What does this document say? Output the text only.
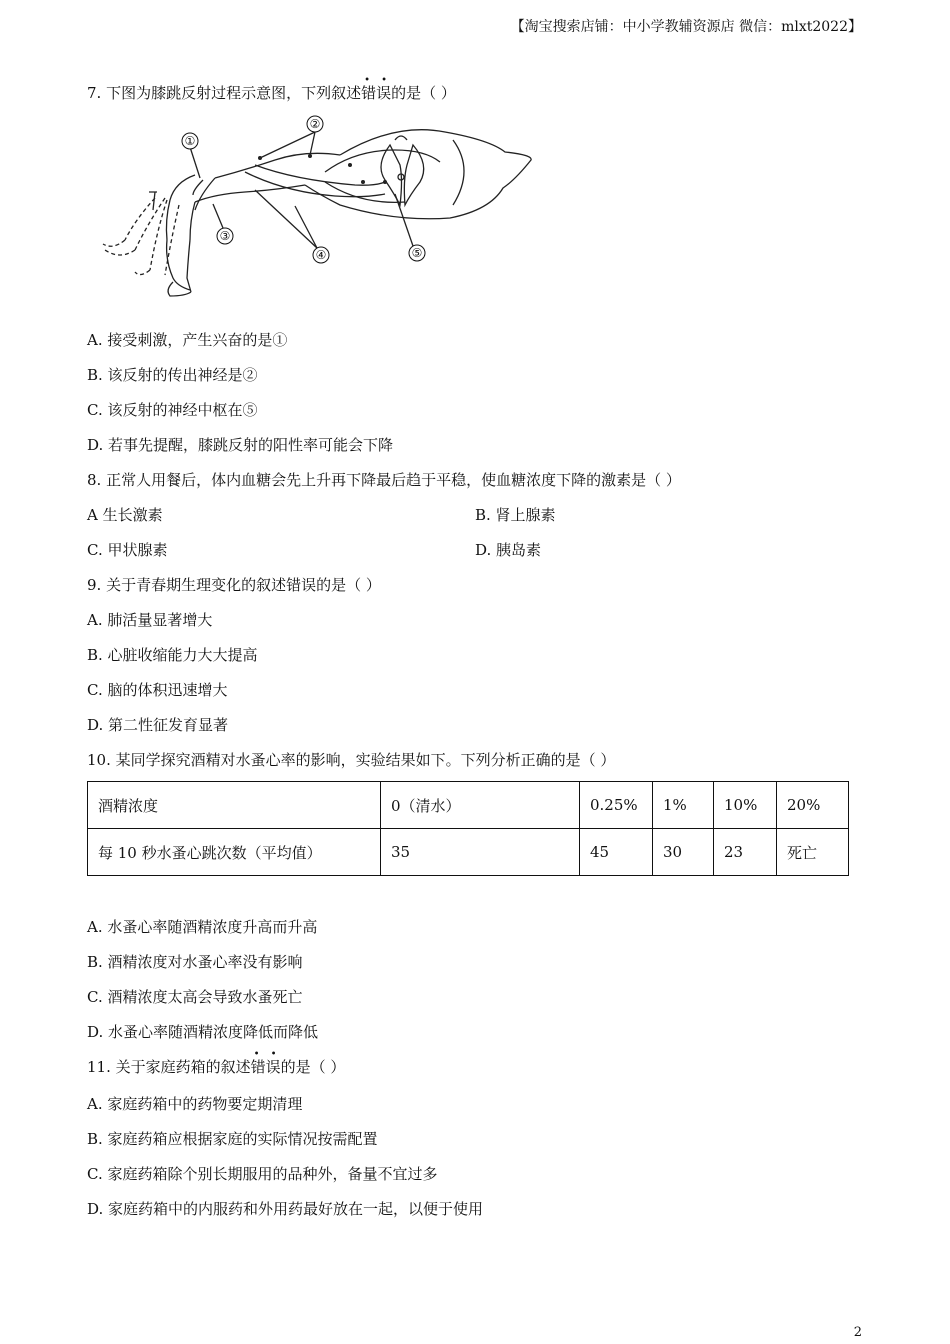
【淘宝搜索店铺：中小学教辅资源店 微信：mlxt2022】
7. 下图为膝跳反射过程示意图，下列叙述
• •
错误的是（ ）
①
②
③
④	⑤
A. 接受刺激，产生兴奋的是①
B. 该反射的传出神经是②
C. 该反射的神经中枢在⑤
D. 若事先提醒，膝跳反射的阳性率可能会下降
8. 正常人用餐后，体内血糖会先上升再下降最后趋于平稳，使血糖浓度下降的激素是（ ）
A 生长激素	B. 肾上腺素
C. 甲状腺素	D. 胰岛素
9. 关于青春期生理变化的叙述错误的是（ ）
A. 肺活量显著增大
B. 心脏收缩能力大大提高
C. 脑的体积迅速增大
D. 第二性征发育显著
10. 某同学探究酒精对水蚤心率的影响，实验结果如下。下列分析正确的是（ ）
酒精浓度	0（清水）	0.25%	1%	10%	20%
每 10 秒水蚤心跳次数（平均值）	35	45	30	23	死亡
A. 水蚤心率随酒精浓度升高而升高
B. 酒精浓度对水蚤心率没有影响
C. 酒精浓度太高会导致水蚤死亡
D. 水蚤心率随酒精浓度降低而降低
11. 关于家庭药箱的叙述
• •
错误的是（ ）
A. 家庭药箱中的药物要定期清理
B. 家庭药箱应根据家庭的实际情况按需配置
C. 家庭药箱除个别长期服用的品种外，备量不宜过多
D. 家庭药箱中的内服药和外用药最好放在一起，以便于使用
2
